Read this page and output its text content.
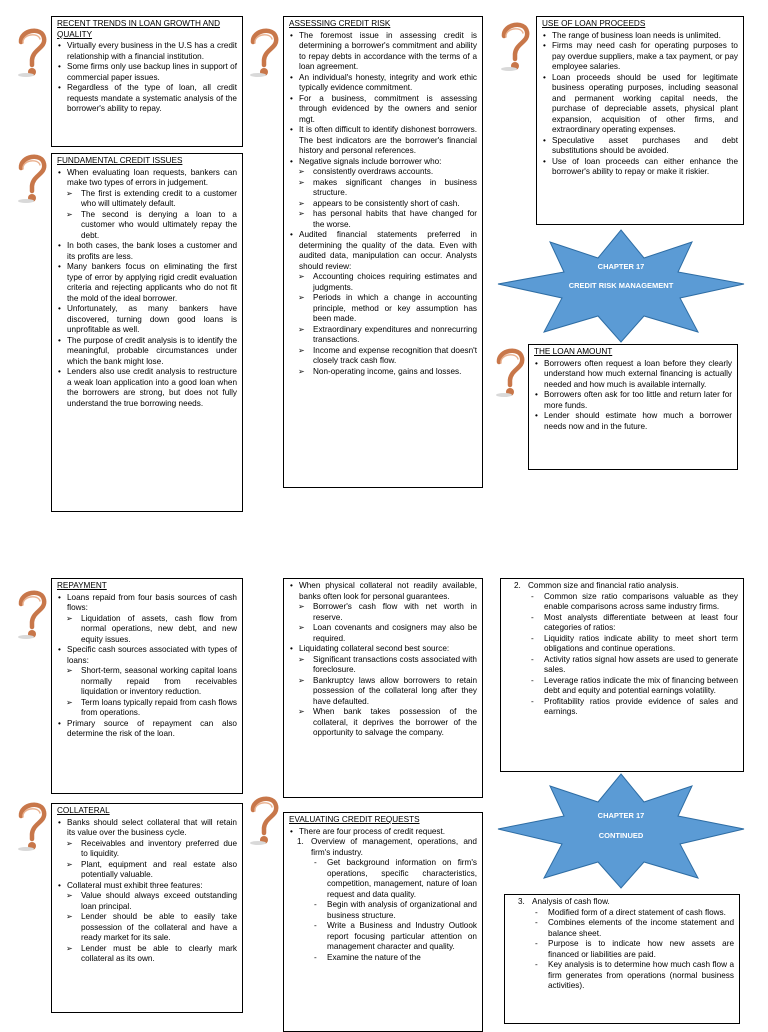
RECENT TRENDS IN LOAN GROWTH AND QUALITY
• Virtually every business in the U.S has a credit relationship with a financial institution.
• Some firms only use backup lines in support of commercial paper issues.
• Regardless of the type of loan, all credit requests mandate a systematic analysis of the borrower's ability to repay.
FUNDAMENTAL CREDIT ISSUES
• When evaluating loan requests, bankers can make two types of errors in judgement.
➢ The first is extending credit to a customer who will ultimately default.
➢ The second is denying a loan to a customer who would ultimately repay the debt.
• In both cases, the bank loses a customer and its profits are less.
• Many bankers focus on eliminating the first type of error by applying rigid credit evaluation criteria and rejecting applicants who do not fit the mold of the ideal borrower.
• Unfortunately, as many bankers have discovered, turning down good loans is unprofitable as well.
• The purpose of credit analysis is to identify the meaningful, probable circumstances under which the bank might lose.
• Lenders also use credit analysis to restructure a weak loan application into a good loan when the borrowers are strong, but does not fully understand the true borrowing needs.
ASSESSING CREDIT RISK
• The foremost issue in assessing credit is determining a borrower's commitment and ability to repay debts in accordance with the terms of a loan agreement.
• An individual's honesty, integrity and work ethic typically evidence commitment.
• For a business, commitment is assessing through evidenced by the owners and senior mgt.
• It is often difficult to identify dishonest borrowers. The best indicators are the borrower's financial history and personal references.
• Negative signals include borrower who:
➢ consistently overdraws accounts.
➢ makes significant changes in business structure.
➢ appears to be consistently short of cash.
➢ has personal habits that have changed for the worse.
• Audited financial statements preferred in determining the quality of the data. Even with audited data, manipulation can occur. Analysts should review:
➢ Accounting choices requiring estimates and judgments.
➢ Periods in which a change in accounting principle, method or key assumption has been made.
➢ Extraordinary expenditures and nonrecurring transactions.
➢ Income and expense recognition that doesn't closely track cash flow.
➢ Non-operating income, gains and losses.
USE OF LOAN PROCEEDS
• The range of business loan needs is unlimited.
• Firms may need cash for operating purposes to pay overdue suppliers, make a tax payment, or pay employee salaries.
• Loan proceeds should be used for legitimate business operating purposes, including seasonal and permanent working capital needs, the purchase of depreciable assets, physical plant expansion, acquisition of other firms, and extraordinary operating expenses.
• Speculative asset purchases and debt substitutions should be avoided.
• Use of loan proceeds can either enhance the borrower's ability to repay or make it riskier.
CHAPTER 17
CREDIT RISK MANAGEMENT
THE LOAN AMOUNT
• Borrowers often request a loan before they clearly understand how much external financing is actually needed and how much is available internally.
• Borrowers often ask for too little and return later for more funds.
• Lender should estimate how much a borrower needs now and in the future.
REPAYMENT
• Loans repaid from four basis sources of cash flows:
➢ Liquidation of assets, cash flow from normal operations, new debt, and new equity issues.
• Specific cash sources associated with types of loans:
➢ Short-term, seasonal working capital loans normally repaid from receivables liquidation or inventory reduction.
➢ Term loans typically repaid from cash flows from operations.
• Primary source of repayment can also determine the risk of the loan.
• When physical collateral not readily available, banks often look for personal guarantees.
➢ Borrower's cash flow with net worth in reserve.
➢ Loan covenants and cosigners may also be required.
• Liquidating collateral second best source:
➢ Significant transactions costs associated with foreclosure.
➢ Bankruptcy laws allow borrowers to retain possession of the collateral long after they have defaulted.
➢ When bank takes possession of the collateral, it deprives the borrower of the opportunity to salvage the company.
2. Common size and financial ratio analysis.
- Common size ratio comparisons valuable as they enable comparisons across same industry firms.
- Most analysts differentiate between at least four categories of ratios:
- Liquidity ratios indicate ability to meet short term obligations and continue operations.
- Activity ratios signal how assets are used to generate sales.
- Leverage ratios indicate the mix of financing between debt and equity and potential earnings volatility.
- Profitability ratios provide evidence of sales and earnings.
COLLATERAL
• Banks should select collateral that will retain its value over the business cycle.
➢ Receivables and inventory preferred due to liquidity.
➢ Plant, equipment and real estate also potentially valuable.
• Collateral must exhibit three features:
➢ Value should always exceed outstanding loan principal.
➢ Lender should be able to easily take possession of the collateral and have a ready market for its sale.
➢ Lender must be able to clearly mark collateral as its own.
EVALUATING CREDIT REQUESTS
• There are four process of credit request.
1. Overview of management, operations, and firm's industry.
- Get background information on firm's operations, specific characteristics, competition, management, nature of loan request and data quality.
- Begin with analysis of organizational and business structure.
- Write a Business and Industry Outlook report focusing particular attention on management character and quality.
- Examine the nature of the
CHAPTER 17
CONTINUED
3. Analysis of cash flow.
- Modified form of a direct statement of cash flows.
- Combines elements of the income statement and balance sheet.
- Purpose is to indicate how new assets are financed or liabilities are paid.
- Key analysis is to determine how much cash flow a firm generates from operations (normal business activities).
